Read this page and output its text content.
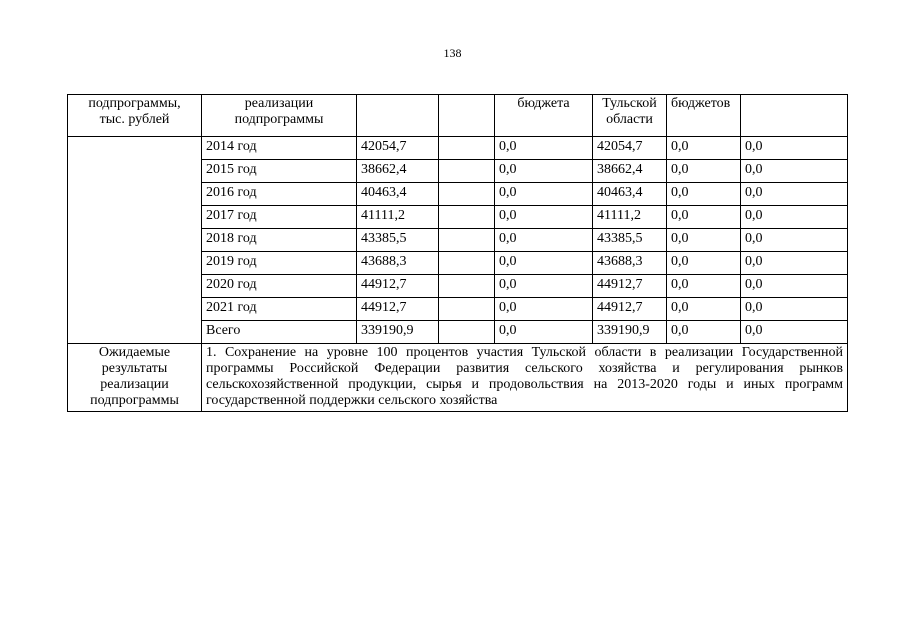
138
подпрограммы,
тыс. рублей	реализации подпрограммы			бюджета	Тульской области	бюджетов	
	2014 год	42054,7		0,0	42054,7	0,0	0,0
	2015 год	38662,4		0,0	38662,4	0,0	0,0
	2016 год	40463,4		0,0	40463,4	0,0	0,0
	2017 год	41111,2		0,0	41111,2	0,0	0,0
	2018 год	43385,5		0,0	43385,5	0,0	0,0
	2019 год	43688,3		0,0	43688,3	0,0	0,0
	2020 год	44912,7		0,0	44912,7	0,0	0,0
	2021 год	44912,7		0,0	44912,7	0,0	0,0
	Всего	339190,9		0,0	339190,9	0,0	0,0
Ожидаемые результаты реализации подпрограммы	1. Сохранение на уровне 100 процентов участия Тульской области в реализации Государственной программы Российской Федерации развития сельского хозяйства и регулирования рынков сельскохозяйственной продукции, сырья и продовольствия на 2013-2020 годы и иных программ государственной поддержки сельского хозяйства						
